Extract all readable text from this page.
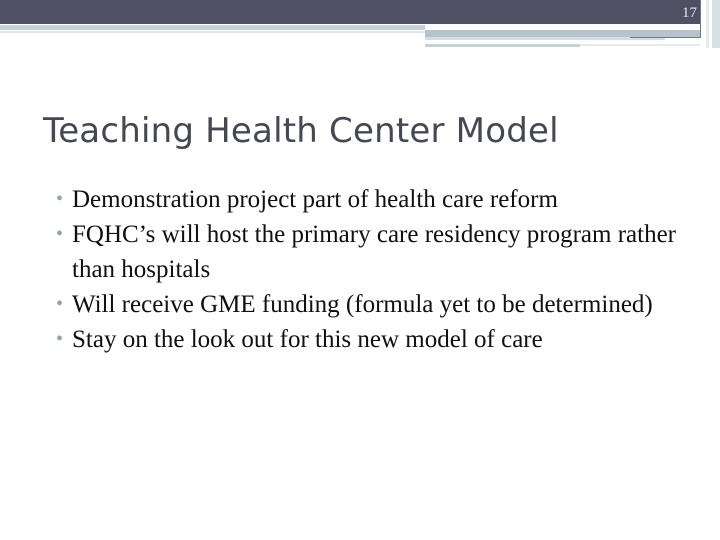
17
Teaching Health Center Model
• Demonstration project part of health care reform
• FQHC’s will host the primary care residency program rather than hospitals
• Will receive GME funding (formula yet to be determined)
• Stay on the look out for this new model of care
